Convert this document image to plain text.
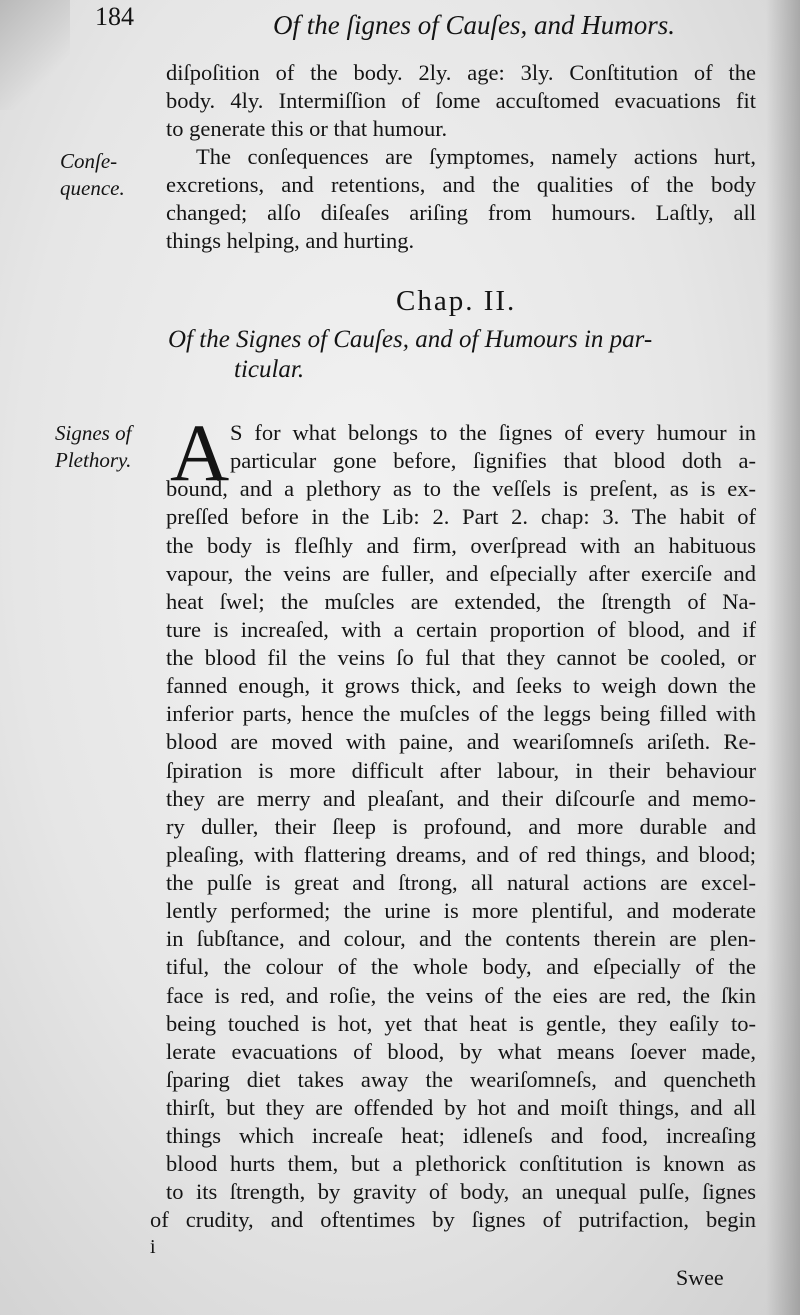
184	Of the ſignes of Cauſes, and Humors.
diſpoſition of the body. 2ly. age: 3ly. Conſtitution of the
body. 4ly. Intermiſſion of ſome accuſtomed evacuations fit
to generate this or that humour.
Conſe-
quence.
The conſequences are ſymptomes, namely actions hurt,
excretions, and retentions, and the qualities of the body
changed; alſo diſeaſes ariſing from humours. Laſtly, all
things helping, and hurting.
Chap. II.
Of the Signes of Cauſes, and of Humours in par-
ticular.
Signes of
Plethory. A S for what belongs to the ſignes of every humour in
particular gone before, ſignifies that blood doth a-
bound, and a plethory as to the veſſels is preſent, as is ex-
preſſed before in the Lib: 2. Part 2. chap: 3. The habit of
the body is fleſhly and firm, overſpread with an habituous
vapour, the veins are fuller, and eſpecially after exerciſe and
heat ſwel; the muſcles are extended, the ſtrength of Na-
ture is increaſed, with a certain proportion of blood, and if
the blood fil the veins ſo ful that they cannot be cooled, or
fanned enough, it grows thick, and ſeeks to weigh down the
inferior parts, hence the muſcles of the leggs being filled with
blood are moved with paine, and weariſomneſs ariſeth. Re-
ſpiration is more difficult after labour, in their behaviour
they are merry and pleaſant, and their diſcourſe and memo-
ry duller, their ſleep is profound, and more durable and
pleaſing, with flattering dreams, and of red things, and blood;
the pulſe is great and ſtrong, all natural actions are excel-
lently performed; the urine is more plentiful, and moderate
in ſubſtance, and colour, and the contents therein are plen-
tiful, the colour of the whole body, and eſpecially of the
face is red, and roſie, the veins of the eies are red, the ſkin
being touched is hot, yet that heat is gentle, they eaſily to-
lerate evacuations of blood, by what means ſoever made,
ſparing diet takes away the weariſomneſs, and quencheth
thirſt, but they are offended by hot and moiſt things, and all
things which increaſe heat; idleneſs and food, increaſing
blood hurts them, but a plethorick conſtitution is known as
to its ſtrength, by gravity of body, an unequal pulſe, ſignes
of crudity, and oftentimes by ſignes of putrifaction, begin
i
Swee
